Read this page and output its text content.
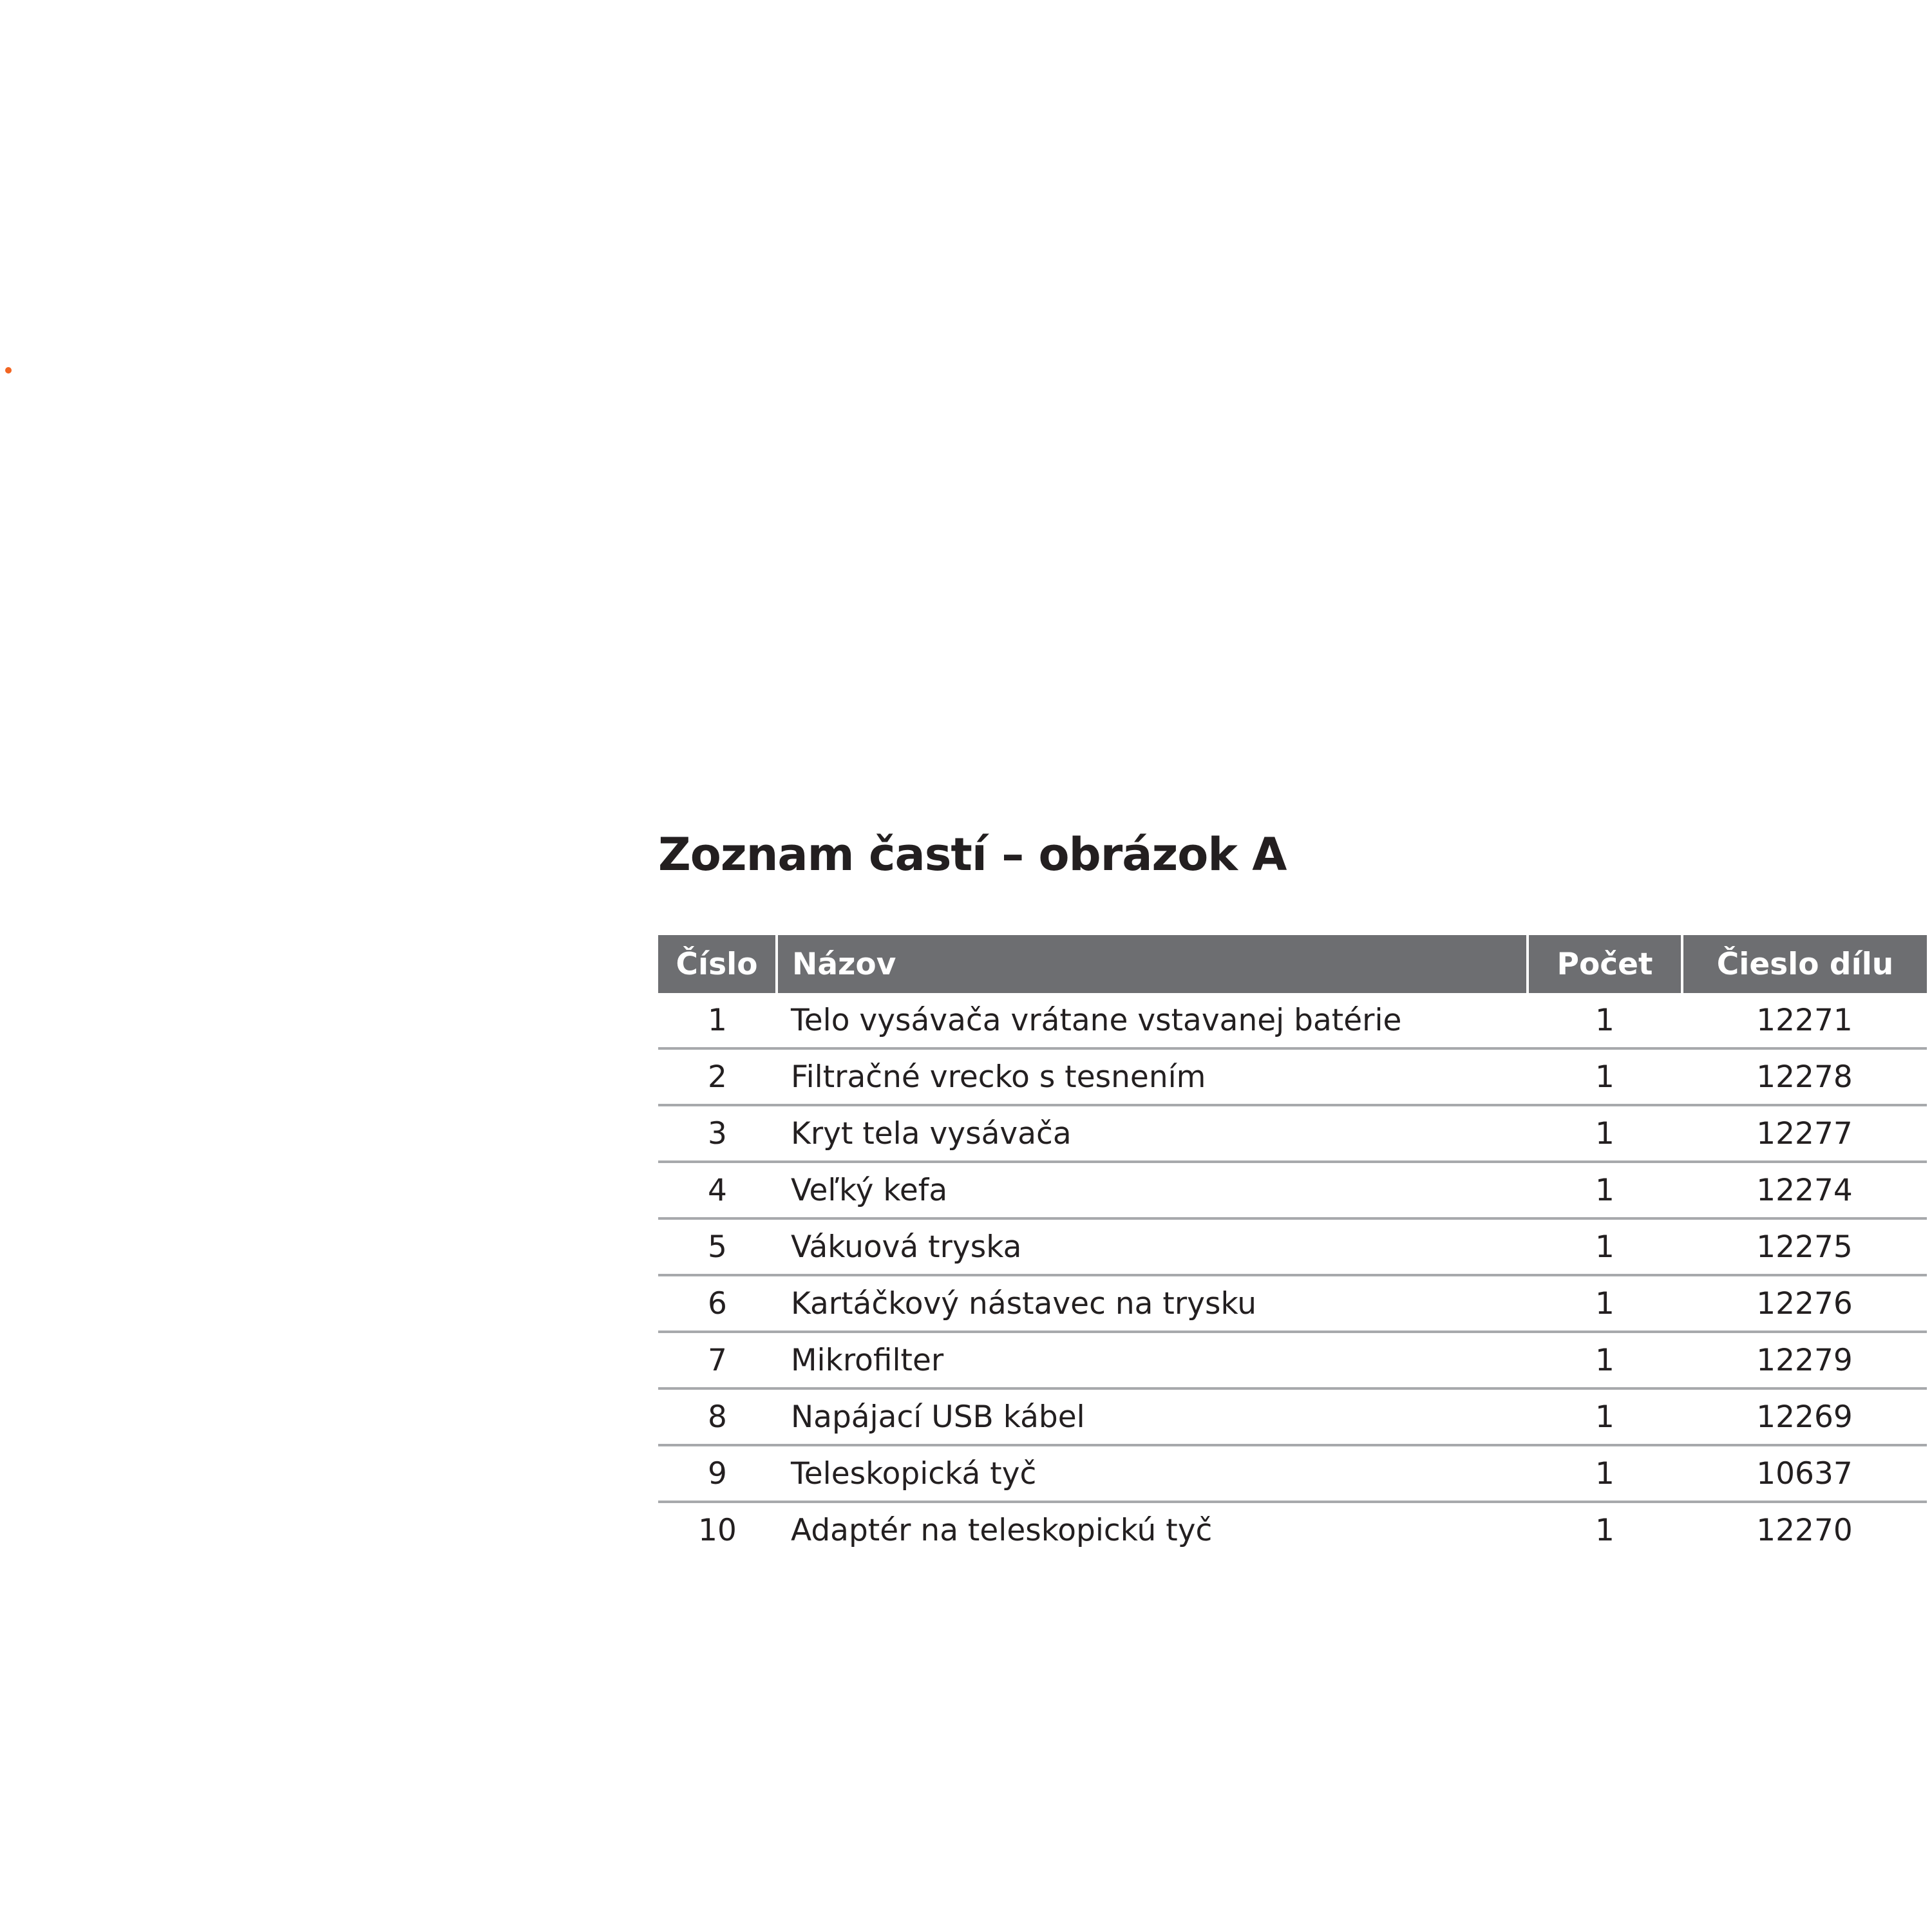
Zoznam častí – obrázok A
Číslo	Názov	Počet	Čieslo dílu
1	Telo vysávača vrátane vstavanej batérie	1	12271
2	Filtračné vrecko s tesnením	1	12278
3	Kryt tela vysávača	1	12277
4	Veľký kefa	1	12274
5	Vákuová tryska	1	12275
6	Kartáčkový nástavec na trysku	1	12276
7	Mikrofilter	1	12279
8	Napájací USB kábel	1	12269
9	Teleskopická tyč	1	10637
10	Adaptér na teleskopickú tyč	1	12270
